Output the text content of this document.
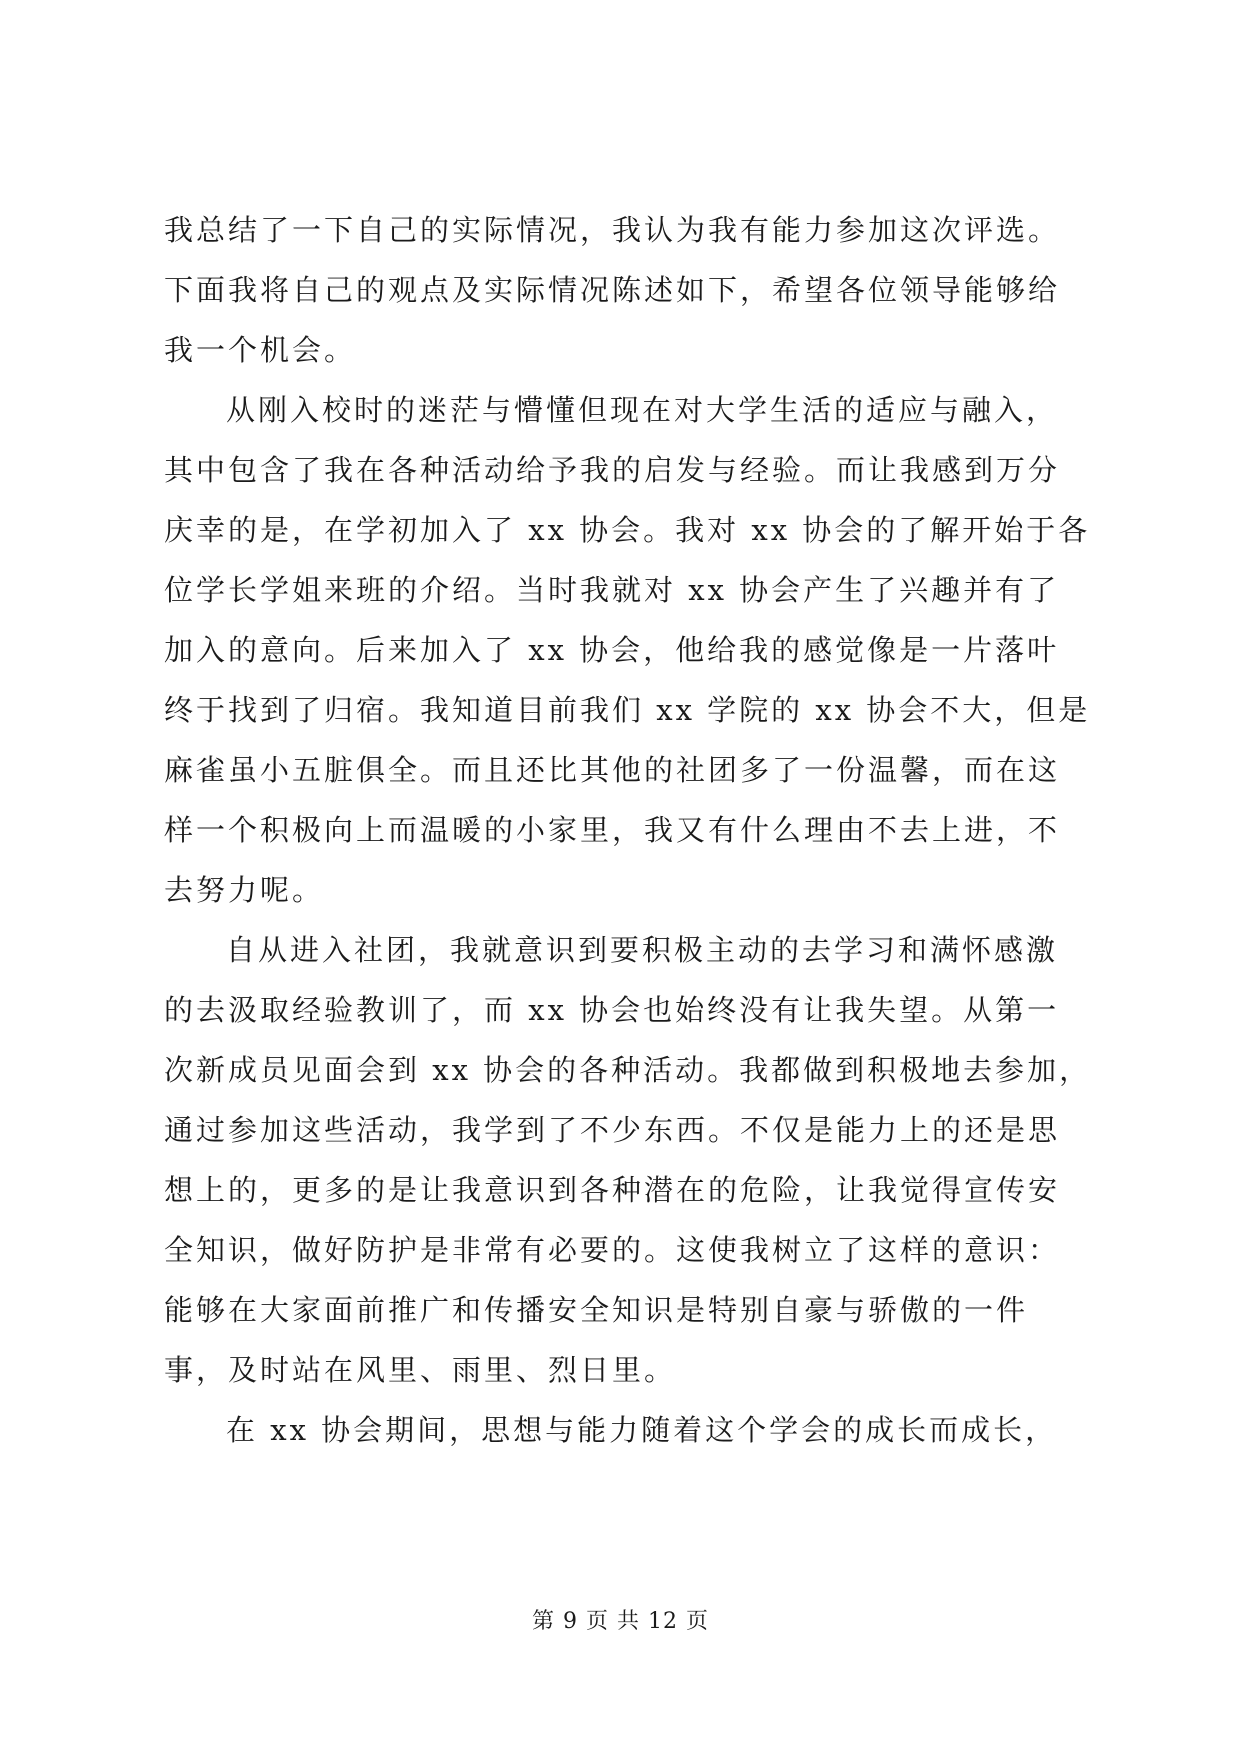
我总结了一下自己的实际情况，我认为我有能力参加这次评选。
下面我将自己的观点及实际情况陈述如下，希望各位领导能够给
我一个机会。
从刚入校时的迷茫与懵懂但现在对大学生活的适应与融入，
其中包含了我在各种活动给予我的启发与经验。而让我感到万分
庆幸的是，在学初加入了 xx 协会。我对 xx 协会的了解开始于各
位学长学姐来班的介绍。当时我就对 xx 协会产生了兴趣并有了
加入的意向。后来加入了 xx 协会，他给我的感觉像是一片落叶
终于找到了归宿。我知道目前我们 xx 学院的 xx 协会不大，但是
麻雀虽小五脏俱全。而且还比其他的社团多了一份温馨，而在这
样一个积极向上而温暖的小家里，我又有什么理由不去上进，不
去努力呢。
自从进入社团，我就意识到要积极主动的去学习和满怀感激
的去汲取经验教训了，而 xx 协会也始终没有让我失望。从第一
次新成员见面会到 xx 协会的各种活动。我都做到积极地去参加，
通过参加这些活动，我学到了不少东西。不仅是能力上的还是思
想上的，更多的是让我意识到各种潜在的危险，让我觉得宣传安
全知识，做好防护是非常有必要的。这使我树立了这样的意识：
能够在大家面前推广和传播安全知识是特别自豪与骄傲的一件
事，及时站在风里、雨里、烈日里。
在 xx 协会期间，思想与能力随着这个学会的成长而成长，
第 9 页 共 12 页
